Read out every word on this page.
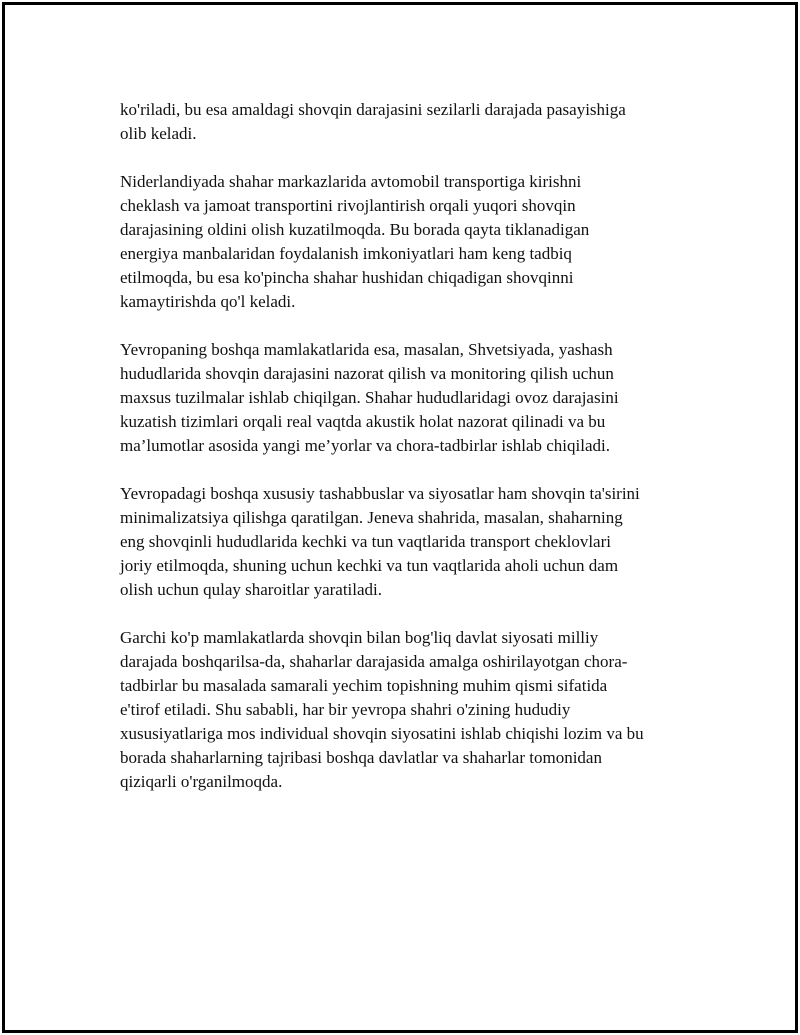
ko'riladi, bu esa amaldagi shovqin darajasini sezilarli darajada pasayishiga
olib keladi.

Niderlandiyada shahar markazlarida avtomobil transportiga kirishni
cheklash va jamoat transportini rivojlantirish orqali yuqori shovqin
darajasining oldini olish kuzatilmoqda. Bu borada qayta tiklanadigan
energiya manbalaridan foydalanish imkoniyatlari ham keng tadbiq
etilmoqda, bu esa ko'pincha shahar hushidan chiqadigan shovqinni
kamaytirishda qo'l keladi.

Yevropaning boshqa mamlakatlarida esa, masalan, Shvetsiyada, yashash
hududlarida shovqin darajasini nazorat qilish va monitoring qilish uchun
maxsus tuzilmalar ishlab chiqilgan. Shahar hududlaridagi ovoz darajasini
kuzatish tizimlari orqali real vaqtda akustik holat nazorat qilinadi va bu
ma’lumotlar asosida yangi me’yorlar va chora-tadbirlar ishlab chiqiladi.

Yevropadagi boshqa xususiy tashabbuslar va siyosatlar ham shovqin ta'sirini
minimalizatsiya qilishga qaratilgan. Jeneva shahrida, masalan, shaharning
eng shovqinli hududlarida kechki va tun vaqtlarida transport cheklovlari
joriy etilmoqda, shuning uchun kechki va tun vaqtlarida aholi uchun dam
olish uchun qulay sharoitlar yaratiladi.

Garchi ko'p mamlakatlarda shovqin bilan bog'liq davlat siyosati milliy
darajada boshqarilsa-da, shaharlar darajasida amalga oshirilayotgan chora-
tadbirlar bu masalada samarali yechim topishning muhim qismi sifatida
e'tirof etiladi. Shu sababli, har bir yevropa shahri o'zining hududiy
xususiyatlariga mos individual shovqin siyosatini ishlab chiqishi lozim va bu
borada shaharlarning tajribasi boshqa davlatlar va shaharlar tomonidan
qiziqarli o'rganilmoqda.
